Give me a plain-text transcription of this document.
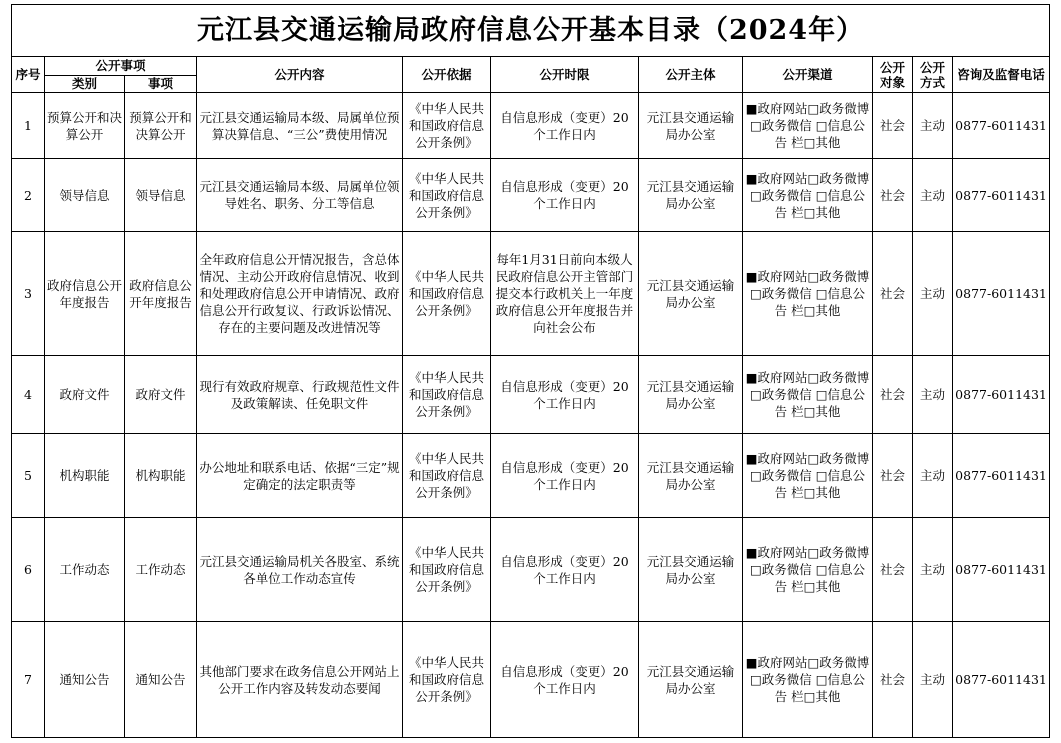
元江县交通运输局政府信息公开基本目录（2024年）										
序号	公开事项		公开内容	公开依据	公开时限	公开主体	公开渠道	公开对象	公开方式	咨询及监督电话
	类别	事项								
1	预算公开和决算公开	预算公开和决算公开	元江县交通运输局本级、局属单位预算决算信息、“三公”费使用情况	《中华人民共和国政府信息公开条例》	自信息形成（变更）20 个工作日内	元江县交通运输局办公室	■政府网站□政务微博□政务微信 □信息公告 栏□其他	社会	主动	0877-6011431
2	领导信息	领导信息	元江县交通运输局本级、局属单位领导姓名、职务、分工等信息	《中华人民共和国政府信息公开条例》	自信息形成（变更）20 个工作日内	元江县交通运输局办公室	■政府网站□政务微博□政务微信 □信息公告 栏□其他	社会	主动	0877-6011431
3	政府信息公开年度报告	政府信息公开年度报告	全年政府信息公开情况报告，含总体情况、主动公开政府信息情况、收到和处理政府信息公开申请情况、政府信息公开行政复议、行政诉讼情况、存在的主要问题及改进情况等	《中华人民共和国政府信息公开条例》	每年1月31日前向本级人民政府信息公开主管部门 提交本行政机关上一年度政府信息公开年度报告并向社会公布	元江县交通运输局办公室	■政府网站□政务微博□政务微信 □信息公告 栏□其他	社会	主动	0877-6011431
4	政府文件	政府文件	现行有效政府规章、行政规范性文件及政策解读、任免职文件	《中华人民共和国政府信息公开条例》	自信息形成（变更）20 个工作日内	元江县交通运输局办公室	■政府网站□政务微博□政务微信 □信息公告 栏□其他	社会	主动	0877-6011431
5	机构职能	机构职能	办公地址和联系电话、依据“三定”规定确定的法定职责等	《中华人民共和国政府信息公开条例》	自信息形成（变更）20 个工作日内	元江县交通运输局办公室	■政府网站□政务微博□政务微信 □信息公告 栏□其他	社会	主动	0877-6011431
6	工作动态	工作动态	元江县交通运输局机关各股室、系统各单位工作动态宣传	《中华人民共和国政府信息公开条例》	自信息形成（变更）20 个工作日内	元江县交通运输局办公室	■政府网站□政务微博□政务微信 □信息公告 栏□其他	社会	主动	0877-6011431
7	通知公告	通知公告	其他部门要求在政务信息公开网站上公开工作内容及转发动态要闻	《中华人民共和国政府信息公开条例》	自信息形成（变更）20 个工作日内	元江县交通运输局办公室	■政府网站□政务微博□政务微信 □信息公告 栏□其他	社会	主动	0877-6011431
